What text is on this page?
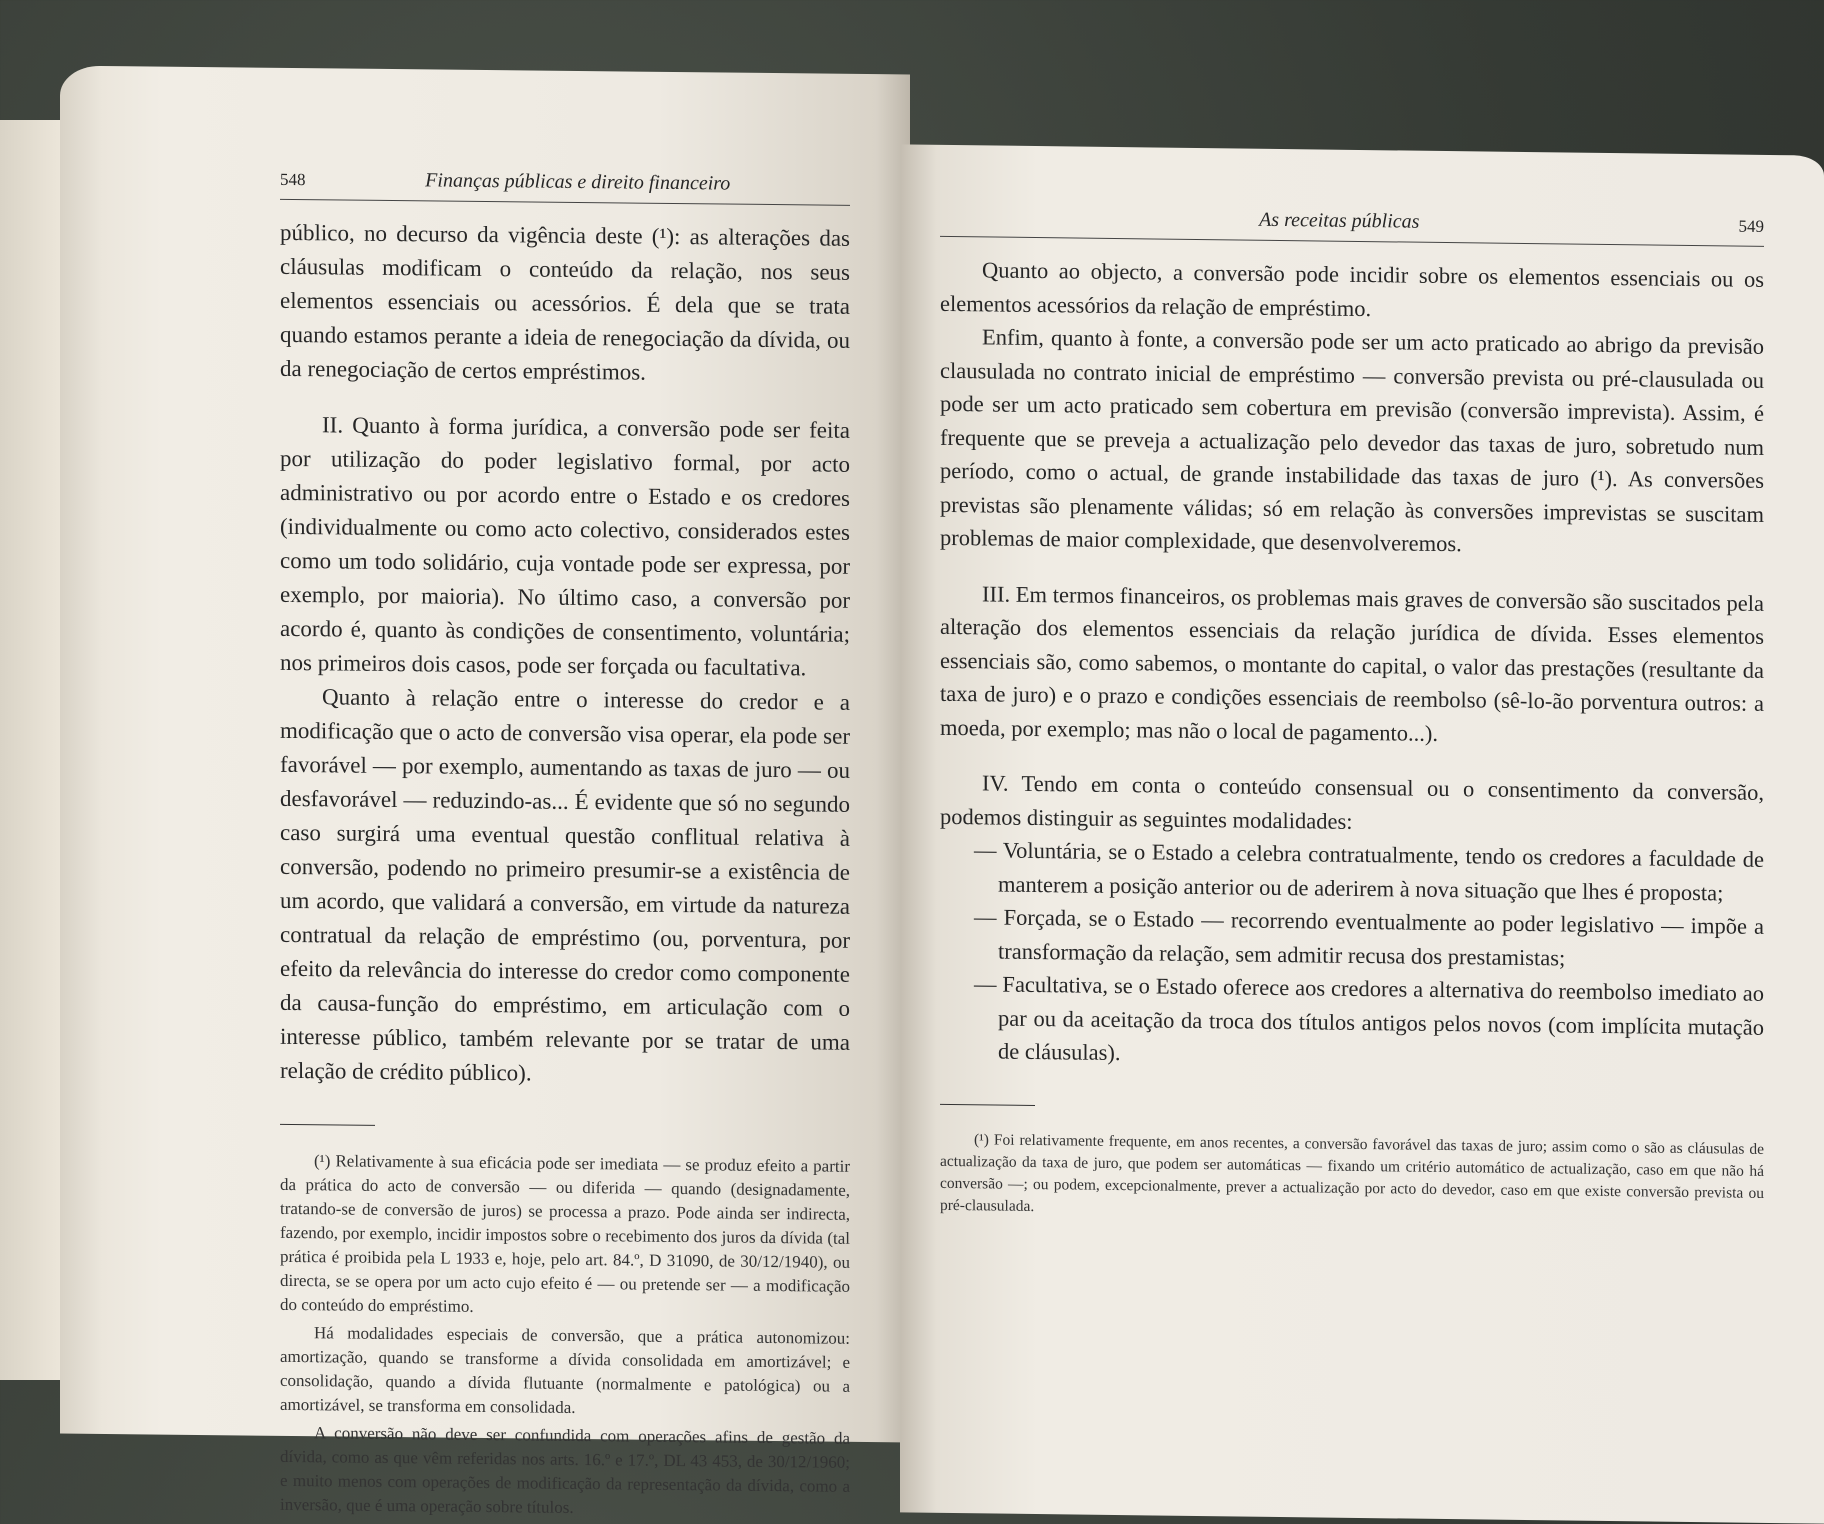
548	Finanças públicas e direito financeiro

público, no decurso da vigência deste (¹): as alterações das cláusulas modificam o conteúdo da relação, nos seus elementos essenciais ou acessórios. É dela que se trata quando estamos perante a ideia de renegociação da dívida, ou da renegociação de certos empréstimos.

II. Quanto à forma jurídica, a conversão pode ser feita por utilização do poder legislativo formal, por acto administrativo ou por acordo entre o Estado e os credores (individualmente ou como acto colectivo, considerados estes como um todo solidário, cuja vontade pode ser expressa, por exemplo, por maioria). No último caso, a conversão por acordo é, quanto às condições de consentimento, voluntária; nos primeiros dois casos, pode ser forçada ou facultativa.

Quanto à relação entre o interesse do credor e a modificação que o acto de conversão visa operar, ela pode ser favorável — por exemplo, aumentando as taxas de juro — ou desfavorável — reduzindo-as... É evidente que só no segundo caso surgirá uma eventual questão conflitual relativa à conversão, podendo no primeiro presumir-se a existência de um acordo, que validará a conversão, em virtude da natureza contratual da relação de empréstimo (ou, porventura, por efeito da relevância do interesse do credor como componente da causa-função do empréstimo, em articulação com o interesse público, também relevante por se tratar de uma relação de crédito público).

(¹) Relativamente à sua eficácia pode ser imediata — se produz efeito a partir da prática do acto de conversão — ou diferida — quando (designadamente, tratando-se de conversão de juros) se processa a prazo. Pode ainda ser indirecta, fazendo, por exemplo, incidir impostos sobre o recebimento dos juros da dívida (tal prática é proibida pela L 1933 e, hoje, pelo art. 84.º, D 31090, de 30/12/1940), ou directa, se se opera por um acto cujo efeito é — ou pretende ser — a modificação do conteúdo do empréstimo.

Há modalidades especiais de conversão, que a prática autonomizou: amortização, quando se transforme a dívida consolidada em amortizável; e consolidação, quando a dívida flutuante (normalmente e patológica) ou a amortizável, se transforma em consolidada.

A conversão não deve ser confundida com operações afins de gestão da dívida, como as que vêm referidas nos arts. 16.º e 17.º, DL 43 453, de 30/12/1960; e muito menos com operações de modificação da representação da dívida, como a inversão, que é uma operação sobre títulos.

As receitas públicas	549

Quanto ao objecto, a conversão pode incidir sobre os elementos essenciais ou os elementos acessórios da relação de empréstimo.

Enfim, quanto à fonte, a conversão pode ser um acto praticado ao abrigo da previsão clausulada no contrato inicial de empréstimo — conversão prevista ou pré-clausulada ou pode ser um acto praticado sem cobertura em previsão (conversão imprevista). Assim, é frequente que se preveja a actualização pelo devedor das taxas de juro, sobretudo num período, como o actual, de grande instabilidade das taxas de juro (¹). As conversões previstas são plenamente válidas; só em relação às conversões imprevistas se suscitam problemas de maior complexidade, que desenvolveremos.

III. Em termos financeiros, os problemas mais graves de conversão são suscitados pela alteração dos elementos essenciais da relação jurídica de dívida. Esses elementos essenciais são, como sabemos, o montante do capital, o valor das prestações (resultante da taxa de juro) e o prazo e condições essenciais de reembolso (sê-lo-ão porventura outros: a moeda, por exemplo; mas não o local de pagamento...).

IV. Tendo em conta o conteúdo consensual ou o consentimento da conversão, podemos distinguir as seguintes modalidades:

— Voluntária, se o Estado a celebra contratualmente, tendo os credores a faculdade de manterem a posição anterior ou de aderirem à nova situação que lhes é proposta;

— Forçada, se o Estado — recorrendo eventualmente ao poder legislativo — impõe a transformação da relação, sem admitir recusa dos prestamistas;

— Facultativa, se o Estado oferece aos credores a alternativa do reembolso imediato ao par ou da aceitação da troca dos títulos antigos pelos novos (com implícita mutação de cláusulas).

(¹) Foi relativamente frequente, em anos recentes, a conversão favorável das taxas de juro; assim como o são as cláusulas de actualização da taxa de juro, que podem ser automáticas — fixando um critério automático de actualização, caso em que não há conversão —; ou podem, excepcionalmente, prever a actualização por acto do devedor, caso em que existe conversão prevista ou pré-clausulada.
